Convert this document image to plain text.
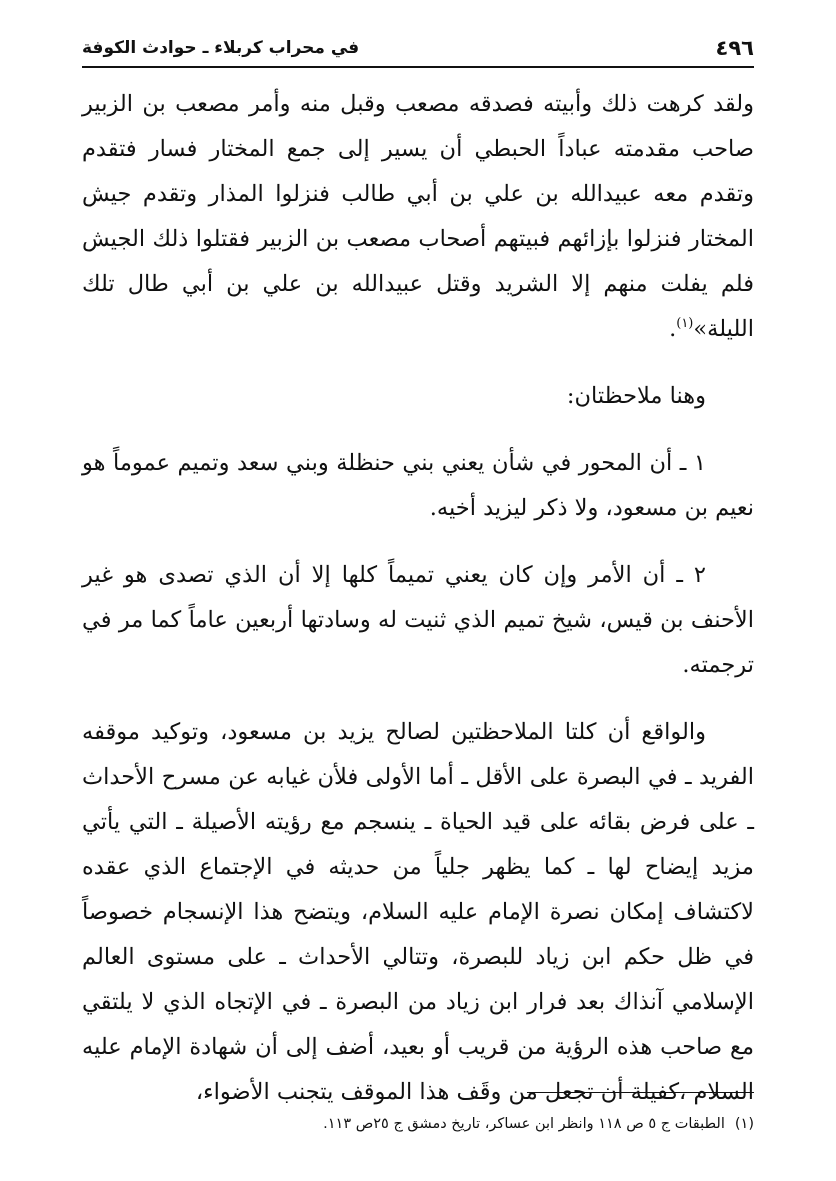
٤٩٦
في محراب كربلاء ـ حوادث الكوفة

ولقد كرهت ذلك وأبيته فصدقه مصعب وقبل منه وأمر مصعب بن الزبير صاحب مقدمته عباداً الحبطي أن يسير إلى جمع المختار فسار فتقدم وتقدم معه عبيدالله بن علي بن أبي طالب فنزلوا المذار وتقدم جيش المختار فنزلوا بإزائهم فبيتهم أصحاب مصعب بن الزبير فقتلوا ذلك الجيش فلم يفلت منهم إلا الشريد وقتل عبيدالله بن علي بن أبي طال تلك الليلة»$^{(١)}$.

وهنا ملاحظتان:

١ ـ أن المحور في شأن يعني بني حنظلة وبني سعد وتميم عموماً هو نعيم بن مسعود، ولا ذكر ليزيد أخيه.

٢ ـ أن الأمر وإن كان يعني تميماً كلها إلا أن الذي تصدى هو غير الأحنف بن قيس، شيخ تميم الذي ثنيت له وسادتها أربعين عاماً كما مر في ترجمته.

والواقع أن كلتا الملاحظتين لصالح يزيد بن مسعود، وتوكيد موقفه الفريد ـ في البصرة على الأقل ـ أما الأولى فلأن غيابه عن مسرح الأحداث ـ على فرض بقائه على قيد الحياة ـ ينسجم مع رؤيته الأصيلة ـ التي يأتي مزيد إيضاح لها ـ كما يظهر جلياً من حديثه في الإجتماع الذي عقده لاكتشاف إمكان نصرة الإمام عليه السلام، ويتضح هذا الإنسجام خصوصاً في ظل حكم ابن زياد للبصرة، وتتالي الأحداث ـ على مستوى العالم الإسلامي آنذاك بعد فرار ابن زياد من البصرة ـ في الإتجاه الذي لا يلتقي مع صاحب هذه الرؤية من قريب أو بعيد، أضف إلى أن شهادة الإمام عليه السلام ،كفيلة أن تجعل من وقَف هذا الموقف يتجنب الأضواء،

(١)الطبقات ج ٥ ص ١١٨ وانظر ابن عساكر، تاريخ دمشق ج ٢٥ص ١١٣.
